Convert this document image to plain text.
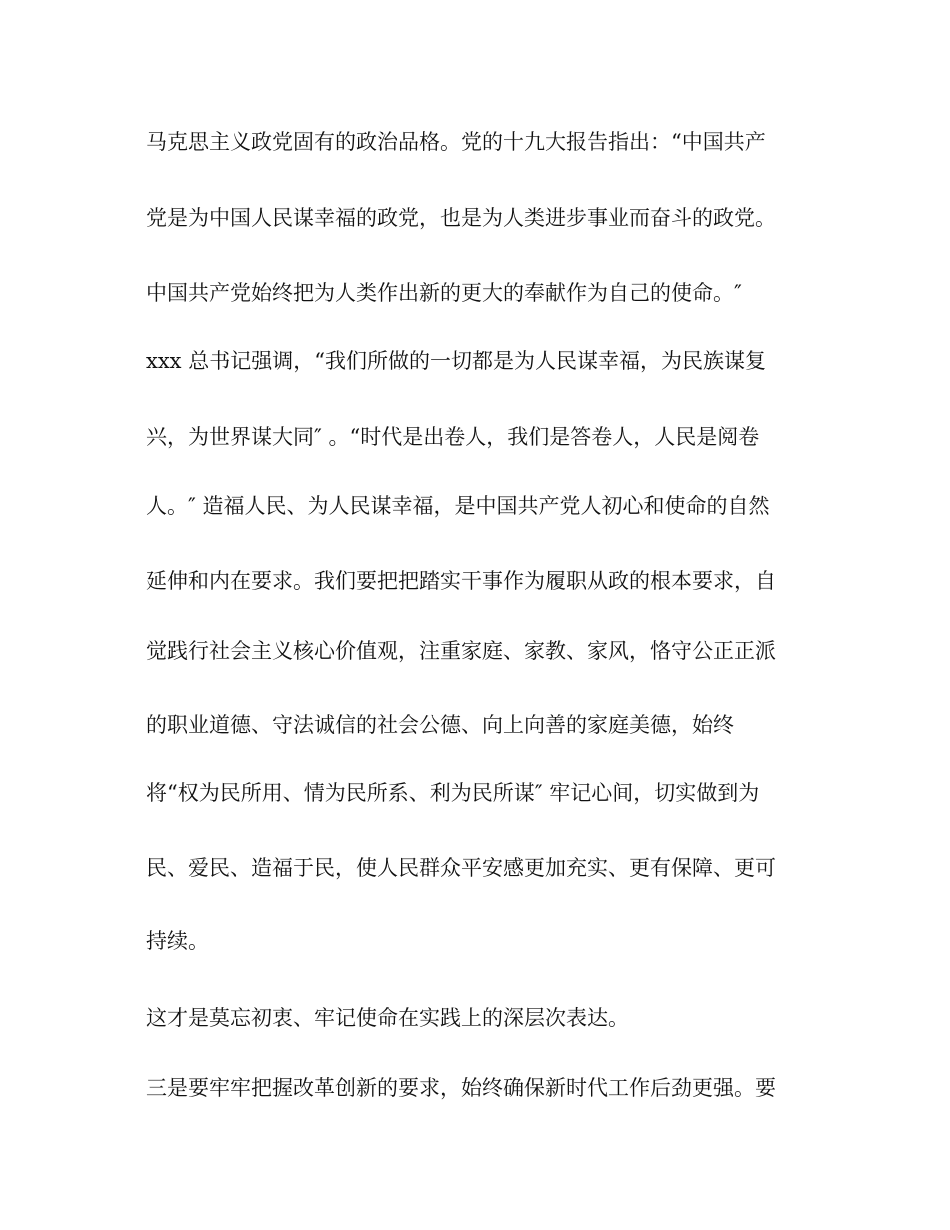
马克思主义政党固有的政治品格。党的十九大报告指出：“中国共产

党是为中国人民谋幸福的政党，也是为人类进步事业而奋斗的政党。

中国共产党始终把为人类作出新的更大的奉献作为自己的使命。″

xxx 总书记强调，“我们所做的一切都是为人民谋幸福，为民族谋复

兴，为世界谋大同″ 。“时代是出卷人，我们是答卷人，人民是阅卷

人。″ 造福人民、为人民谋幸福，是中国共产党人初心和使命的自然

延伸和内在要求。我们要把把踏实干事作为履职从政的根本要求，自

觉践行社会主义核心价值观，注重家庭、家教、家风，恪守公正正派

的职业道德、守法诚信的社会公德、向上向善的家庭美德，始终

将“权为民所用、情为民所系、利为民所谋″ 牢记心间，切实做到为

民、爱民、造福于民，使人民群众平安感更加充实、更有保障、更可

持续。

这才是莫忘初衷、牢记使命在实践上的深层次表达。

三是要牢牢把握改革创新的要求，始终确保新时代工作后劲更强。要
